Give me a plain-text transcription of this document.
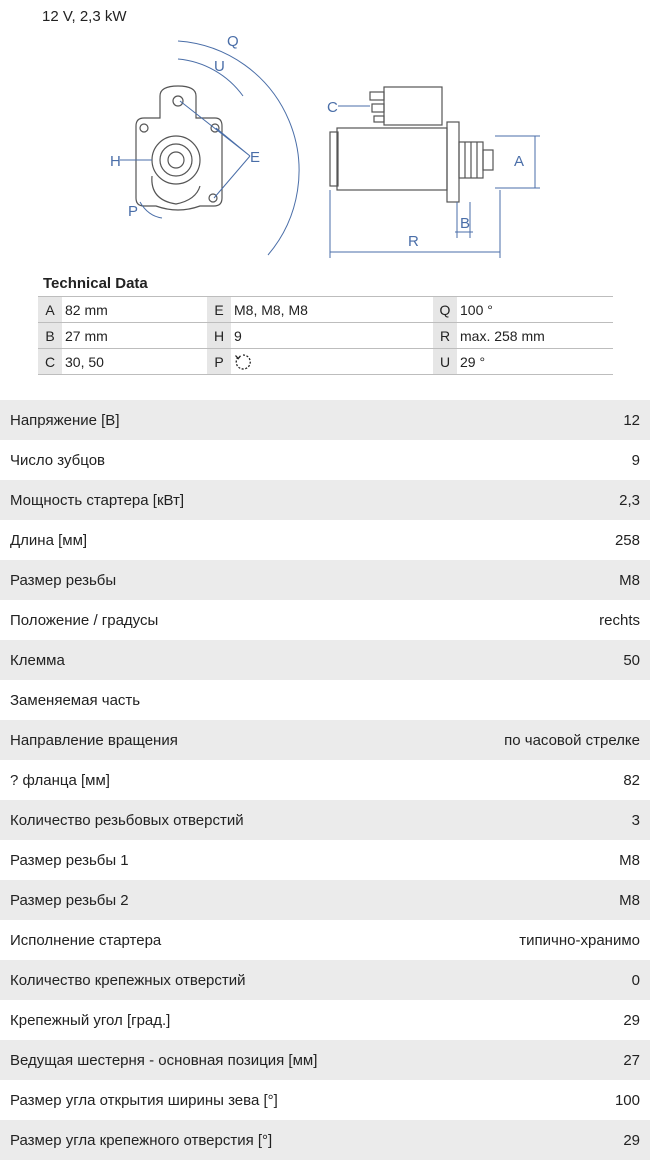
12 V, 2,3 kW
Q
U
H	E
P
C
A
B
R
Technical Data
A	82 mm	E	M8, M8, M8	Q	100 °
B	27 mm	H	9	R	max. 258 mm
C	30, 50	P		U	29 °
Напряжение [В]	12
Число зубцов	9
Мощность стартера [кВт]	2,3
Длина [мм]	258
Размер резьбы	M8
Положение / градусы	rechts
Клемма	50
Заменяемая часть
Направление вращения	по часовой стрелке
? фланца [мм]	82
Количество резьбовых отверстий	3
Размер резьбы 1	M8
Размер резьбы 2	M8
Исполнение стартера	типично-хранимо
Количество крепежных отверстий	0
Крепежный угол [град.]	29
Ведущая шестерня - основная позиция [мм]	27
Размер угла открытия ширины зева [°]	100
Размер угла крепежного отверстия [°]	29
